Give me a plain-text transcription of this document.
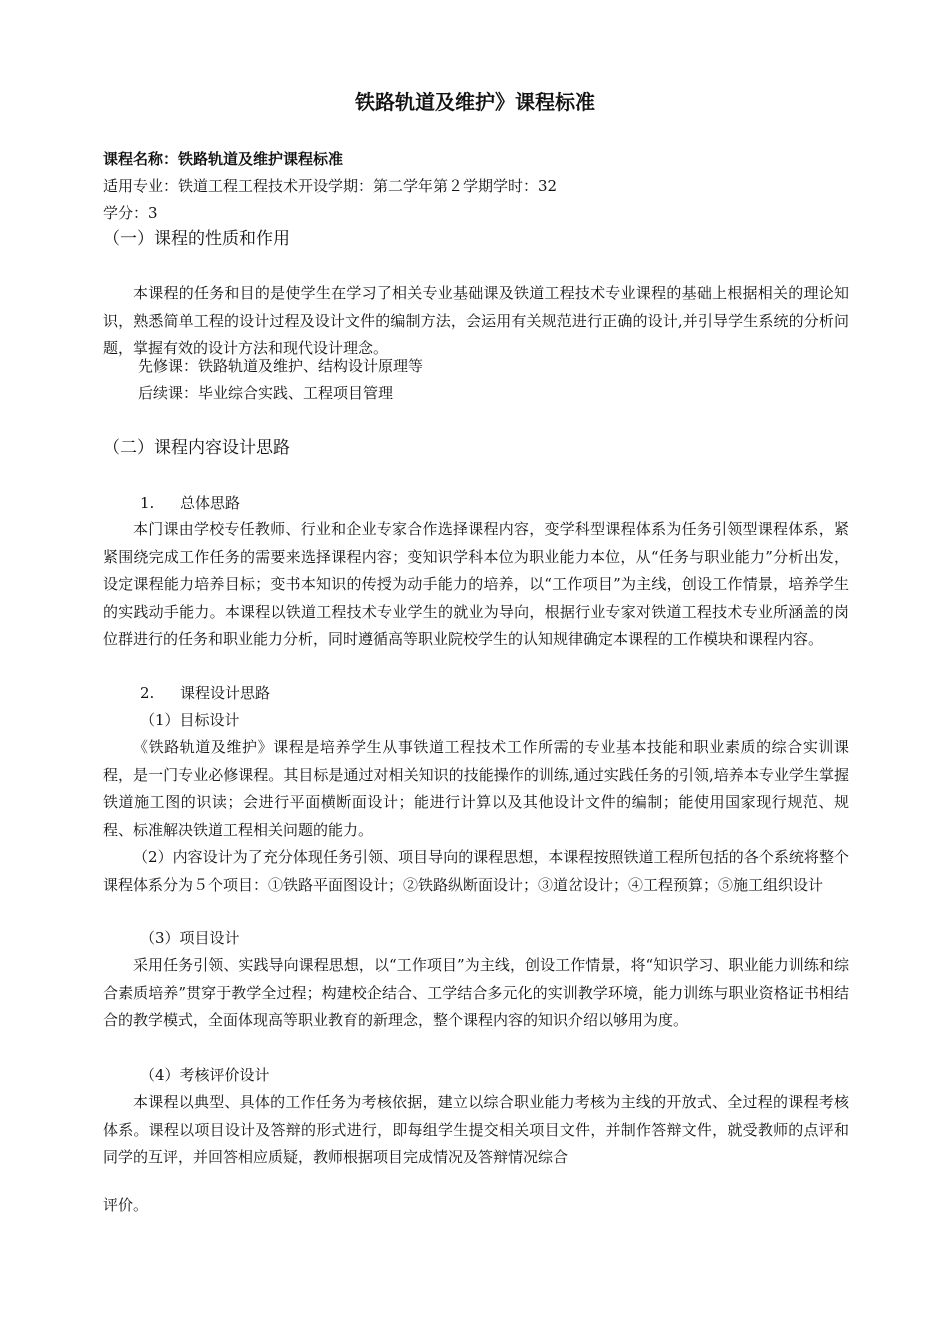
铁路轨道及维护》课程标准
课程名称：铁路轨道及维护课程标准
适用专业：铁道工程工程技术开设学期：第二学年第２学期学时：32
学分：3
（一）课程的性质和作用
本课程的任务和目的是使学生在学习了相关专业基础课及铁道工程技术专业课程的基础上根据相关的理论知识，熟悉简单工程的设计过程及设计文件的编制方法，会运用有关规范进行正确的设计,并引导学生系统的分析问题，掌握有效的设计方法和现代设计理念。
先修课：铁路轨道及维护、结构设计原理等
后续课：毕业综合实践、工程项目管理
（二）课程内容设计思路
1. 总体思路
本门课由学校专任教师、行业和企业专家合作选择课程内容，变学科型课程体系为任务引领型课程体系，紧紧围绕完成工作任务的需要来选择课程内容；变知识学科本位为职业能力本位，从“任务与职业能力”分析出发，设定课程能力培养目标；变书本知识的传授为动手能力的培养，以“工作项目”为主线，创设工作情景，培养学生的实践动手能力。本课程以铁道工程技术专业学生的就业为导向，根据行业专家对铁道工程技术专业所涵盖的岗位群进行的任务和职业能力分析，同时遵循高等职业院校学生的认知规律确定本课程的工作模块和课程内容。
2. 课程设计思路
（1）目标设计
《铁路轨道及维护》课程是培养学生从事铁道工程技术工作所需的专业基本技能和职业素质的综合实训课程，是一门专业必修课程。其目标是通过对相关知识的技能操作的训练,通过实践任务的引领,培养本专业学生掌握铁道施工图的识读；会进行平面横断面设计；能进行计算以及其他设计文件的编制；能使用国家现行规范、规程、标准解决铁道工程相关问题的能力。
（2）内容设计为了充分体现任务引领、项目导向的课程思想，本课程按照铁道工程所包括的各个系统将整个课程体系分为５个项目：①铁路平面图设计；②铁路纵断面设计；③道岔设计；④工程预算；⑤施工组织设计
（3）项目设计
采用任务引领、实践导向课程思想，以“工作项目”为主线，创设工作情景，将“知识学习、职业能力训练和综合素质培养”贯穿于教学全过程；构建校企结合、工学结合多元化的实训教学环境，能力训练与职业资格证书相结合的教学模式，全面体现高等职业教育的新理念，整个课程内容的知识介绍以够用为度。
（4）考核评价设计
本课程以典型、具体的工作任务为考核依据，建立以综合职业能力考核为主线的开放式、全过程的课程考核体系。课程以项目设计及答辩的形式进行，即每组学生提交相关项目文件，并制作答辩文件，就受教师的点评和同学的互评，并回答相应质疑，教师根据项目完成情况及答辩情况综合
评价。
